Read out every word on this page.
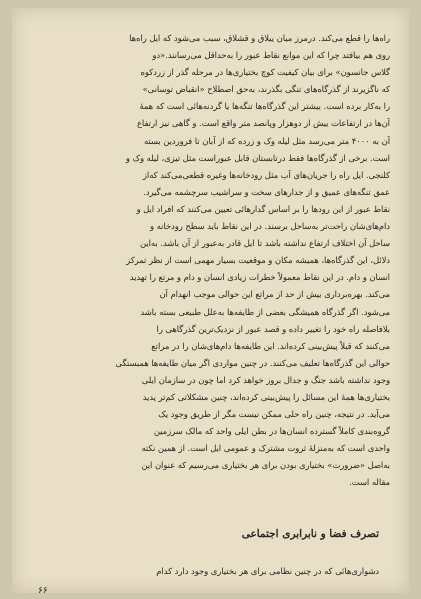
راه‌ها را قطع می‌کند. درمرز میان ییلاق و قشلاق، سبب می‌شود که ایل راه‌ها
روی هم بیافتد چرا که این موانع نقاط عبور را به‌حداقل می‌رسانند.«دو
گلاس جانسون» برای بیان کیفیت کوچ بختیاری‌ها در مرحله گذر از زردکوه
که ناگزیرند از گذرگاه‌های تنگی بگذرند، به‌حق اصطلاح «انقباض توسانی»
را به‌کار برده است. بیشتر این گذرگاه‌ها تنگه‌ها یا گردنه‌هائی است که همهٔ
آن‌ها در ارتفاعات بیش از دوهزار وپانصد متر واقع است. و گاهی نیز ارتفاع
آن به ۴۰۰۰ متر می‌رسد مثل لیله وک و زرده که از آبان تا فروردین بسته
است. برخی از گذرگاه‌ها فقط درتابستان قابل عبوراست مثل تیزی، لیله وک و
کلنجی. ایل راه را جریان‌های آب مثل رودخانه‌ها وغیره قطعی‌می‌کند که‌از
عمق تنگه‌های عمیق و از جدارهای سخت و سراشیب سرچشمه می‌گیرد.
نقاط عبور از این رودها را بر اساس گدارهائی تعیین می‌کنند که افراد ایل و
دام‌های‌شان راحت‌تر به‌ساحل برسند. در این نقاط باید سطح رودخانه و
ساحل آن اختلاف ارتفاع نداشته باشد تا ایل قادر به‌عبور از آن باشد. به‌این
دلائل، این گذرگاه‌ها، همیشه مکان و موقعیت بسیار مهمی است از نظر تمرکز
انسان و دام. در این نقاط معمولاً خطرات زیادی انسان و دام و مرتع را تهدید
می‌کند. بهره‌برداری بیش از حد از مراتع این حوالی موجب انهدام آن
می‌شود. اگر گذرگاه همیشگی بعضی از طایفه‌ها به‌علل طبیعی بسته باشد
بلافاصله راه خود را تغییر داده و قصد عبور از نزدیک‌ترین گذرگاهی را
می‌کنند که قبلاً پیش‌بینی کرده‌اند. این طایفه‌ها دام‌های‌شان را در مراتع
حوالی این گذرگاه‌ها تعلیف می‌کنند. در چنین مواردی اگر میان طایفه‌ها همبستگی
وجود نداشته باشد جنگ و جدال بروز خواهد کرد اما چون در سازمان ایلی
بختیاری‌ها همهٔ این مسائل را پیش‌بینی کرده‌اند، چنین مشکلاتی کم‌تر پدید
می‌آید. در نتیجه، چنین راه حلی ممکن نیست مگر از طریق وجود یک
گروه‌بندی کاملاً گسترده انسان‌ها در بطن ایلی واحد که مالک سرزمین
واحدی است که به‌منزلهٔ ثروت مشترک و عمومی ایل است. از همین نکته
به‌اصل «ضرورت» بختیاری بودن برای هر بختیاری می‌رسیم که عنوان این
مقاله است.
تصرف فضا و نابرابری اجتماعی
دشواری‌هائی که در چنین نظامی برای هر بختیاری وجود دارد کدام
۶۶
